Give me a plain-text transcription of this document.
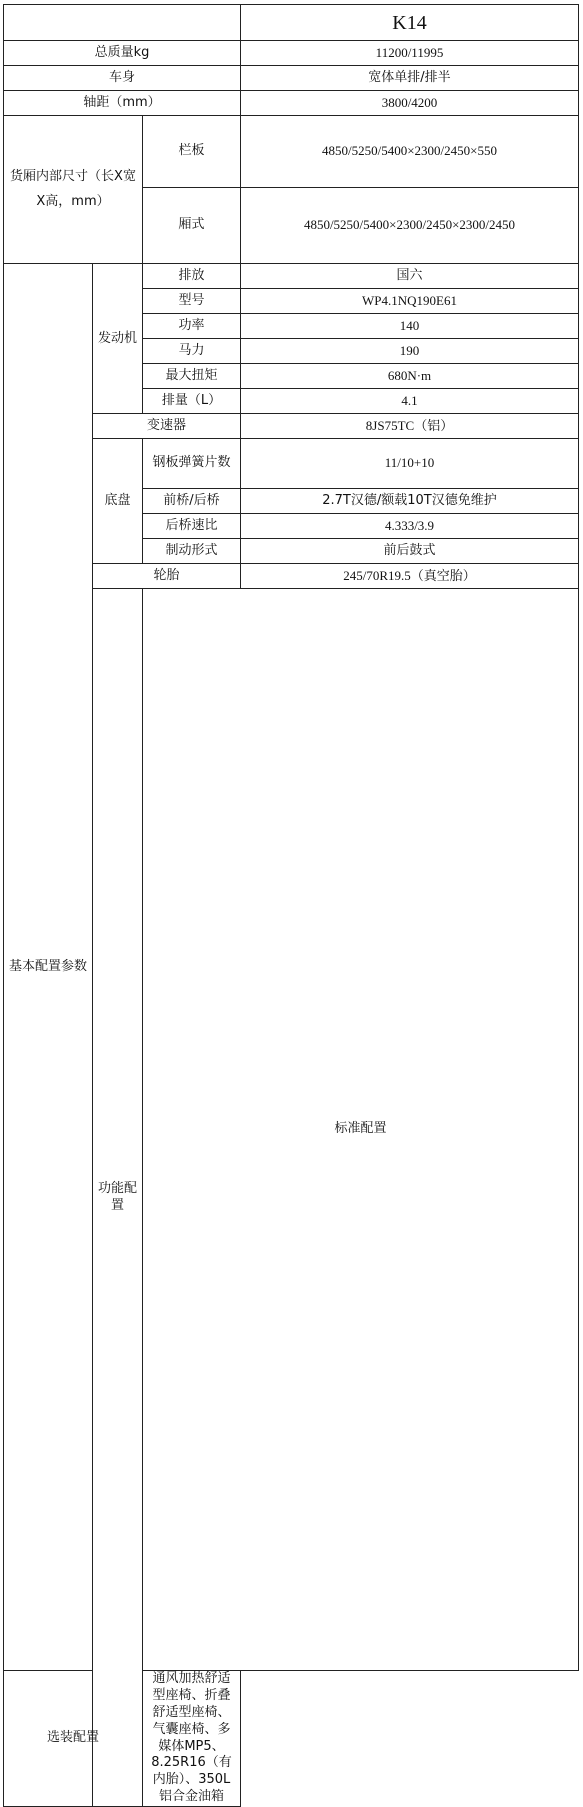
			K14	
总质量kg			11200/11995	
车身			宽体单排/排半	
轴距（mm）			3800/4200	
货厢内部尺寸（长X宽X高，mm）		栏板	4850/5250/5400×2300/2450×550	
		厢式	4850/5250/5400×2300/2450×2300/2450	
基本配置参数	发动机	排放	国六	
		型号	WP4.1NQ190E61	
		功率	140	
		马力	190	
		最大扭矩	680N·m	
		排量（L）	4.1	
	变速器		8JS75TC（铝）	
	底盘	钢板弹簧片数	11/10+10	
		前桥/后桥	2.7T汉德/额载10T汉德免维护	
		后桥速比	4.333/3.9	
		制动形式	前后鼓式	
	轮胎		245/70R19.5（真空胎）	
	功能配置	标准配置	
选装配置		通风加热舒适型座椅、折叠舒适型座椅、气囊座椅、多媒体MP5、8.25R16（有内胎）、350L铝合金油箱		
